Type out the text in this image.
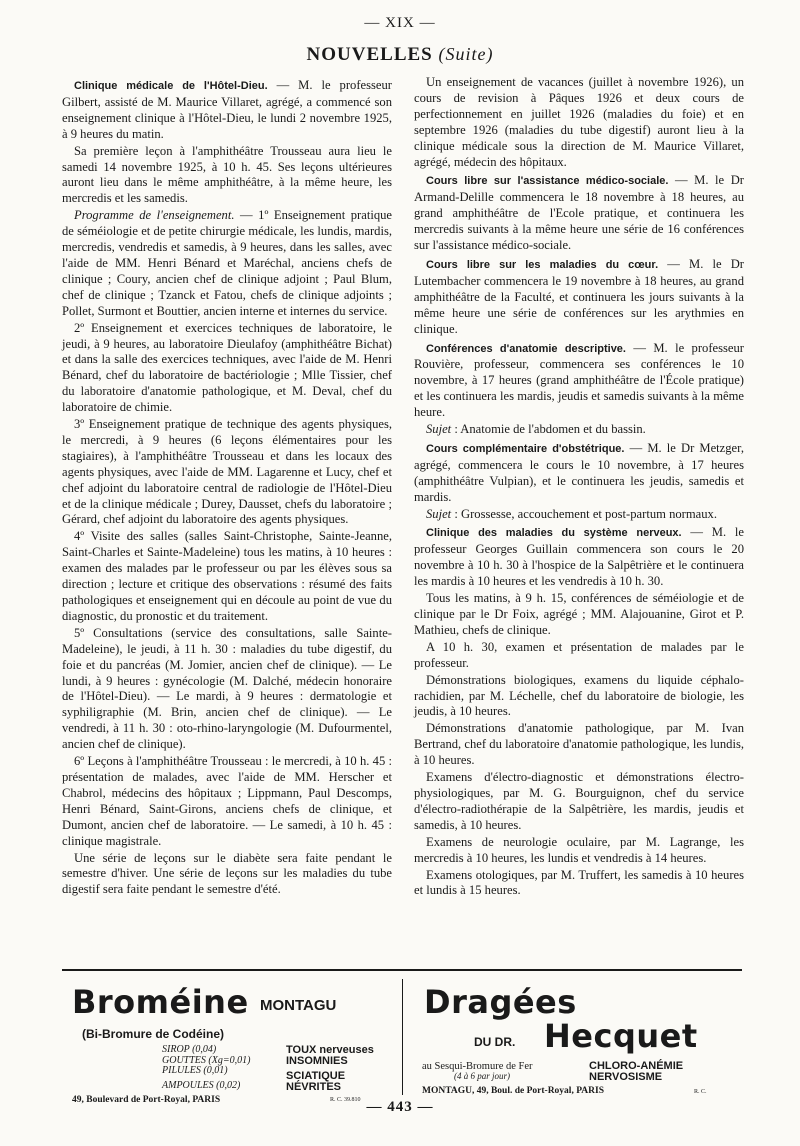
— XIX —
NOUVELLES (Suite)

Clinique médicale de l'Hôtel-Dieu. — M. le professeur Gilbert, assisté de M. Maurice Villaret, agrégé, a commencé son enseignement clinique à l'Hôtel-Dieu, le lundi 2 novembre 1925, à 9 heures du matin.

Sa première leçon à l'amphithéâtre Trousseau aura lieu le samedi 14 novembre 1925, à 10 h. 45. Ses leçons ultérieures auront lieu dans le même amphithéâtre, à la même heure, les mercredis et les samedis.

Programme de l'enseignement. — 1º Enseignement pratique de séméiologie et de petite chirurgie médicale, les lundis, mardis, mercredis, vendredis et samedis, à 9 heures, dans les salles, avec l'aide de MM. Henri Bénard et Maréchal, anciens chefs de clinique ; Coury, ancien chef de clinique adjoint ; Paul Blum, chef de clinique ; Tzanck et Fatou, chefs de clinique adjoints ; Pollet, Surmont et Bouttier, ancien interne et internes du service.

2º Enseignement et exercices techniques de laboratoire, le jeudi, à 9 heures, au laboratoire Dieulafoy (amphithéâtre Bichat) et dans la salle des exercices techniques, avec l'aide de M. Henri Bénard, chef du laboratoire de bactériologie ; Mlle Tissier, chef du laboratoire d'anatomie pathologique, et M. Deval, chef du laboratoire de chimie.

3º Enseignement pratique de technique des agents physiques, le mercredi, à 9 heures (6 leçons élémentaires pour les stagiaires), à l'amphithéâtre Trousseau et dans les locaux des agents physiques, avec l'aide de MM. Lagarenne et Lucy, chef et chef adjoint du laboratoire central de radiologie de l'Hôtel-Dieu et de la clinique médicale ; Durey, Dausset, chefs du laboratoire ; Gérard, chef adjoint du laboratoire des agents physiques.

4º Visite des salles (salles Saint-Christophe, Sainte-Jeanne, Saint-Charles et Sainte-Madeleine) tous les matins, à 10 heures : examen des malades par le professeur ou par les élèves sous sa direction ; lecture et critique des observations : résumé des faits pathologiques et enseignement qui en découle au point de vue du diagnostic, du pronostic et du traitement.

5º Consultations (service des consultations, salle Sainte-Madeleine), le jeudi, à 11 h. 30 : maladies du tube digestif, du foie et du pancréas (M. Jomier, ancien chef de clinique). — Le lundi, à 9 heures : gynécologie (M. Dalché, médecin honoraire de l'Hôtel-Dieu). — Le mardi, à 9 heures : dermatologie et syphiligraphie (M. Brin, ancien chef de clinique). — Le vendredi, à 11 h. 30 : oto-rhino-laryngologie (M. Dufourmentel, ancien chef de clinique).

6º Leçons à l'amphithéâtre Trousseau : le mercredi, à 10 h. 45 : présentation de malades, avec l'aide de MM. Herscher et Chabrol, médecins des hôpitaux ; Lippmann, Paul Descomps, Henri Bénard, Saint-Girons, anciens chefs de clinique, et Dumont, ancien chef de laboratoire. — Le samedi, à 10 h. 45 : clinique magistrale.

Une série de leçons sur le diabète sera faite pendant le semestre d'hiver. Une série de leçons sur les maladies du tube digestif sera faite pendant le semestre d'été.

Un enseignement de vacances (juillet à novembre 1926), un cours de revision à Pâques 1926 et deux cours de perfectionnement en juillet 1926 (maladies du foie) et en septembre 1926 (maladies du tube digestif) auront lieu à la clinique médicale sous la direction de M. Maurice Villaret, agrégé, médecin des hôpitaux.

Cours libre sur l'assistance médico-sociale. — M. le Dr Armand-Delille commencera le 18 novembre à 18 heures, au grand amphithéâtre de l'Ecole pratique, et continuera les mercredis suivants à la même heure une série de 16 conférences sur l'assistance médico-sociale.

Cours libre sur les maladies du cœur. — M. le Dr Lutembacher commencera le 19 novembre à 18 heures, au grand amphithéâtre de la Faculté, et continuera les jours suivants à la même heure une série de conférences sur les arythmies en clinique.

Conférences d'anatomie descriptive. — M. le professeur Rouvière, professeur, commencera ses conférences le 10 novembre, à 17 heures (grand amphithéâtre de l'École pratique) et les continuera les mardis, jeudis et samedis suivants à la même heure.

Sujet : Anatomie de l'abdomen et du bassin.

Cours complémentaire d'obstétrique. — M. le Dr Metzger, agrégé, commencera le cours le 10 novembre, à 17 heures (amphithéâtre Vulpian), et le continuera les jeudis, samedis et mardis.

Sujet : Grossesse, accouchement et post-partum normaux.

Clinique des maladies du système nerveux. — M. le professeur Georges Guillain commencera son cours le 20 novembre à 10 h. 30 à l'hospice de la Salpêtrière et le continuera les mardis à 10 heures et les vendredis à 10 h. 30.

Tous les matins, à 9 h. 15, conférences de séméiologie et de clinique par le Dr Foix, agrégé ; MM. Alajouanine, Girot et P. Mathieu, chefs de clinique.

A 10 h. 30, examen et présentation de malades par le professeur.

Démonstrations biologiques, examens du liquide céphalo-rachidien, par M. Léchelle, chef du laboratoire de biologie, les jeudis, à 10 heures.

Démonstrations d'anatomie pathologique, par M. Ivan Bertrand, chef du laboratoire d'anatomie pathologique, les lundis, à 10 heures.

Examens d'électro-diagnostic et démonstrations électro-physiologiques, par M. G. Bourguignon, chef du service d'électro-radiothérapie de la Salpêtrière, les mardis, jeudis et samedis, à 10 heures.

Examens de neurologie oculaire, par M. Lagrange, les mercredis à 10 heures, les lundis et vendredis à 14 heures.

Examens otologiques, par M. Truffert, les samedis à 10 heures et lundis à 15 heures.

Broméine MONTAGU
(Bi-Bromure de Codéine)
SIROP (0,04)
GOUTTES (Xg=0,01)
PILULES (0,01)
AMPOULES (0,02)
TOUX nerveuses
INSOMNIES
SCIATIQUE
NÉVRITES
49, Boulevard de Port-Royal, PARIS	R. C. 39.810
Dragées
DU DR. Hecquet
au Sesqui-Bromure de Fer
(4 à 6 par jour)
CHLORO-ANÉMIE
NERVOSISME
MONTAGU, 49, Boul. de Port-Royal, PARIS	R. C.
— 443 —
